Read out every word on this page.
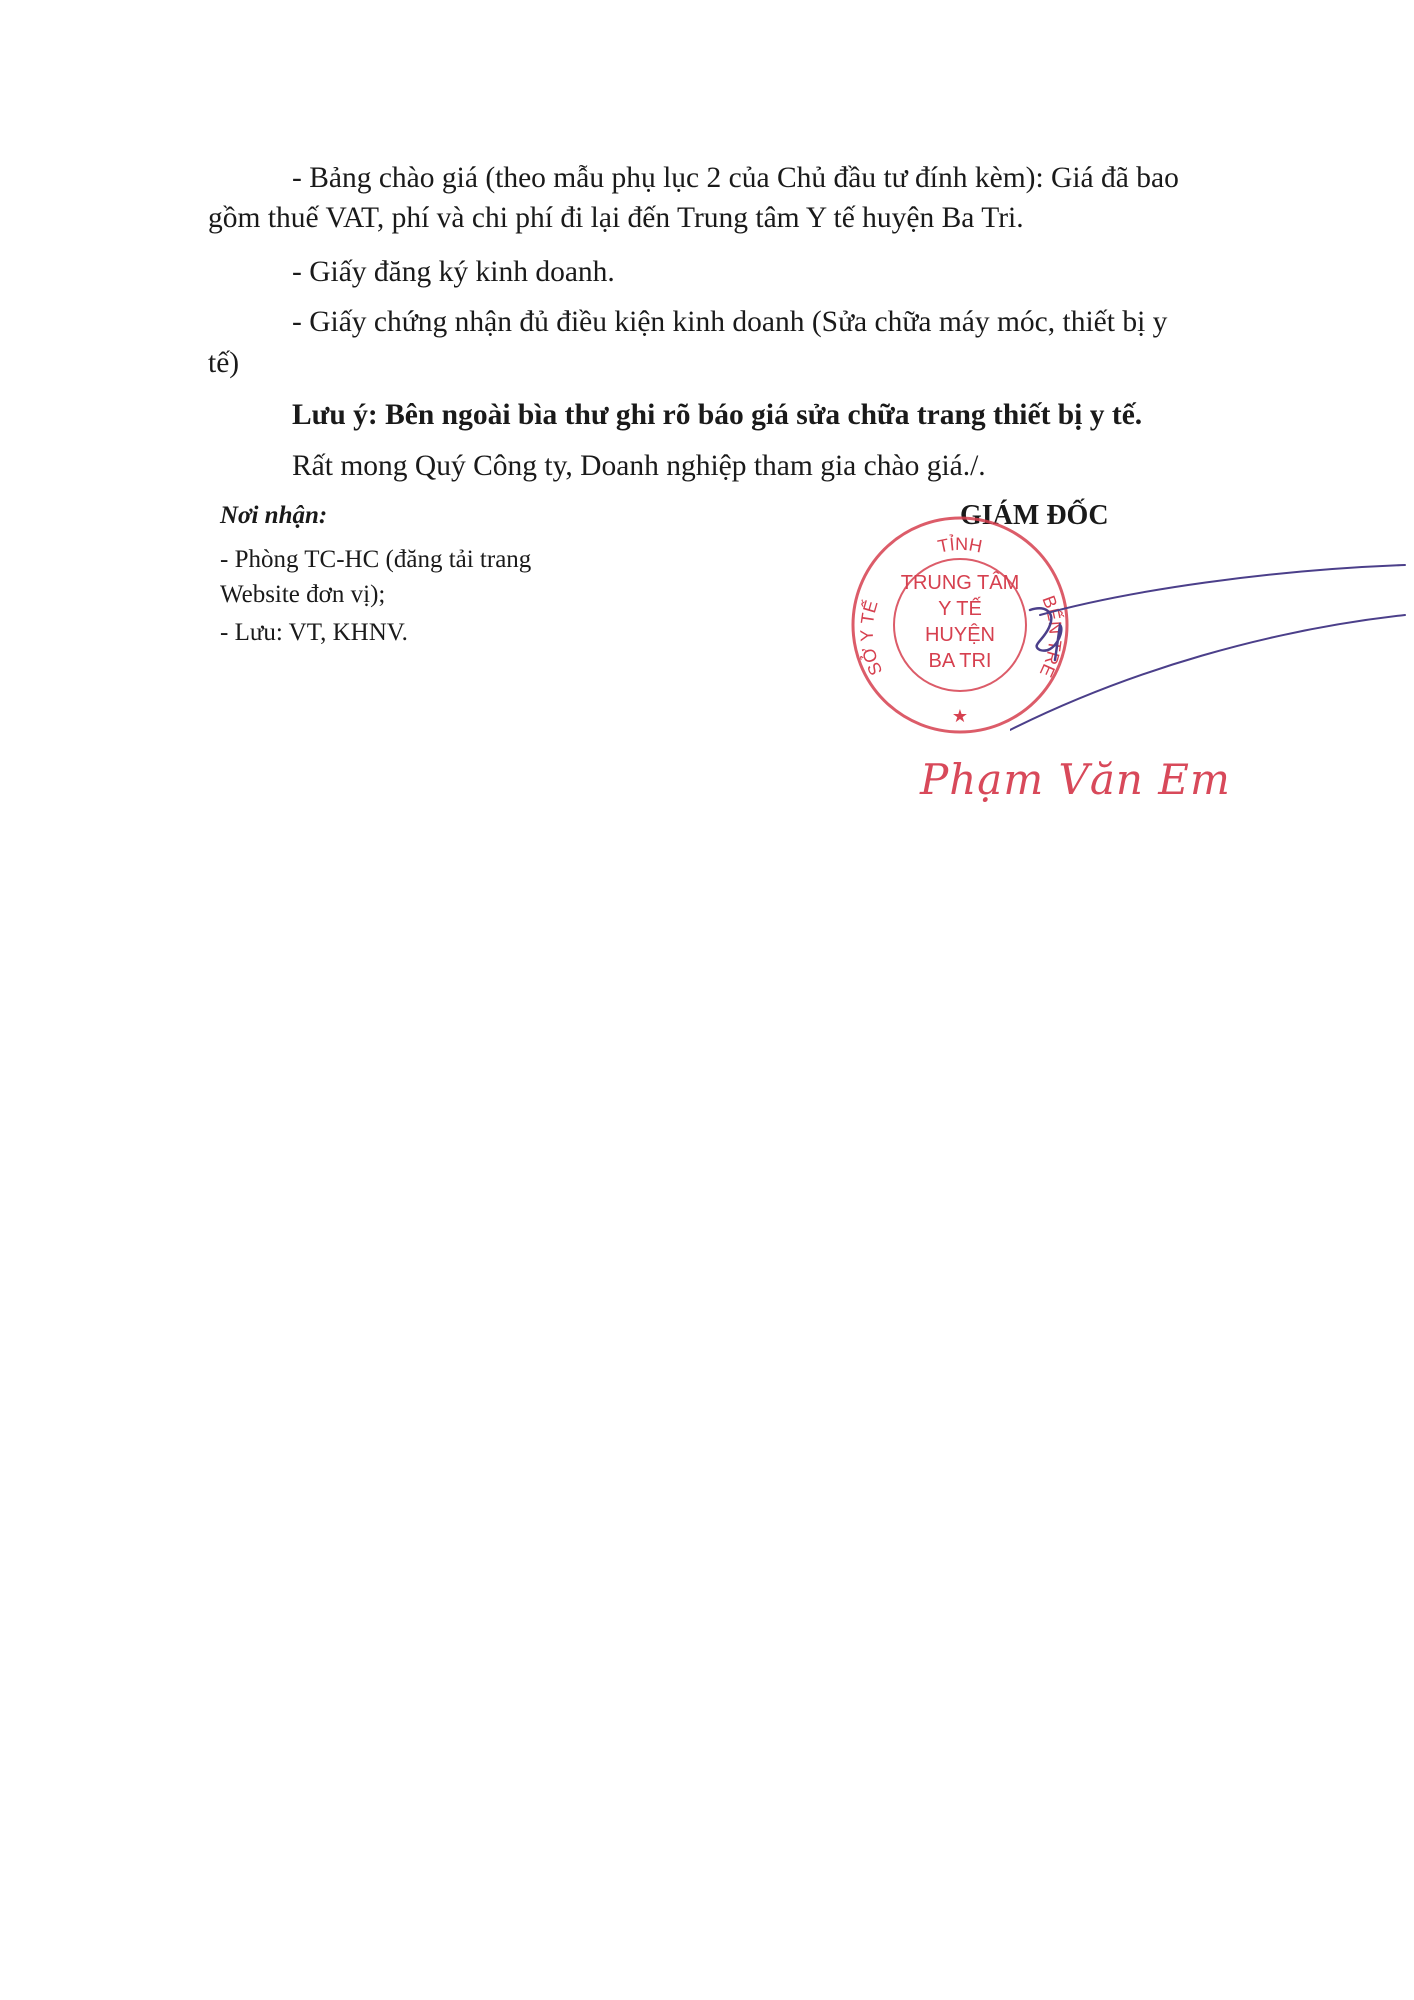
- Bảng chào giá (theo mẫu phụ lục 2 của Chủ đầu tư đính kèm): Giá đã bao
gồm thuế VAT, phí và chi phí đi lại đến Trung tâm Y tế huyện Ba Tri.
- Giấy đăng ký kinh doanh.
- Giấy chứng nhận đủ điều kiện kinh doanh (Sửa chữa máy móc, thiết bị y
tế)
Lưu ý: Bên ngoài bìa thư ghi rõ báo giá sửa chữa trang thiết bị y tế.
Rất mong Quý Công ty, Doanh nghiệp tham gia chào giá./.
Nơi nhận:
- Phòng TC-HC (đăng tải trang
Website đơn vị);
- Lưu: VT, KHNV.
GIÁM ĐỐC
TỈNH
SỞ Y TẾ	BẾN TRE
★
TRUNG TÂM
Y TẾ
HUYỆN
BA TRI
Phạm Văn Em
